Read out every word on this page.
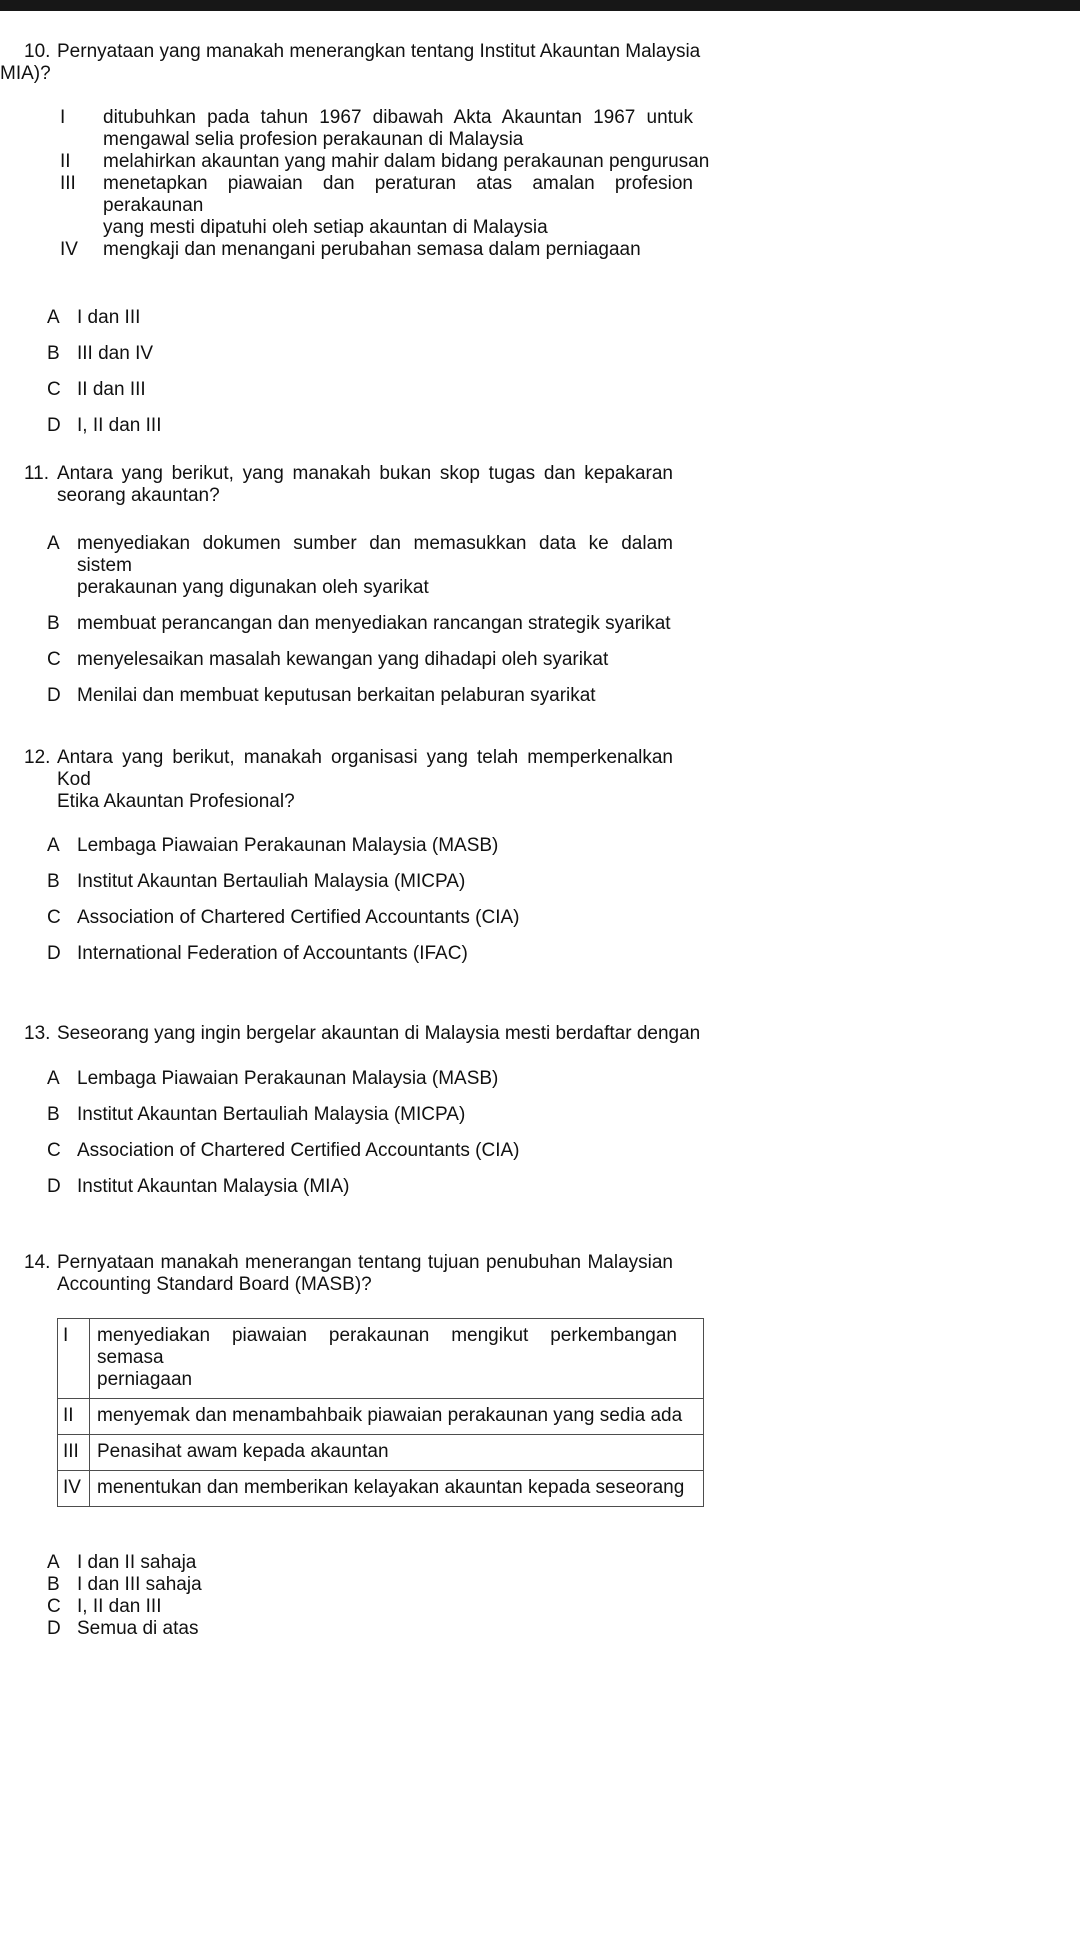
10. Pernyataan yang manakah menerangkan tentang Institut Akauntan Malaysia
MIA)?
I	ditubuhkan pada tahun 1967 dibawah Akta Akauntan 1967 untuk
mengawal selia profesion perakaunan di Malaysia
II	melahirkan akauntan yang mahir dalam bidang perakaunan pengurusan
III	menetapkan piawaian dan peraturan atas amalan profesion perakaunan
yang mesti dipatuhi oleh setiap akauntan di Malaysia
IV	mengkaji dan menangani perubahan semasa dalam perniagaan
A I dan III
B III dan IV
C II dan III
D I, II dan III
11. Antara yang berikut, yang manakah bukan skop tugas dan kepakaran
seorang akauntan?
A menyediakan dokumen sumber dan memasukkan data ke dalam sistem
perakaunan yang digunakan oleh syarikat
B membuat perancangan dan menyediakan rancangan strategik syarikat
C menyelesaikan masalah kewangan yang dihadapi oleh syarikat
D Menilai dan membuat keputusan berkaitan pelaburan syarikat
12. Antara yang berikut, manakah organisasi yang telah memperkenalkan Kod
Etika Akauntan Profesional?
A Lembaga Piawaian Perakaunan Malaysia (MASB)
B Institut Akauntan Bertauliah Malaysia (MICPA)
C Association of Chartered Certified Accountants (CIA)
D International Federation of Accountants (IFAC)
13. Seseorang yang ingin bergelar akauntan di Malaysia mesti berdaftar dengan
A Lembaga Piawaian Perakaunan Malaysia (MASB)
B Institut Akauntan Bertauliah Malaysia (MICPA)
C Association of Chartered Certified Accountants (CIA)
D Institut Akauntan Malaysia (MIA)
14. Pernyataan manakah menerangan tentang tujuan penubuhan Malaysian
Accounting Standard Board (MASB)?
I	menyediakan piawaian perakaunan mengikut perkembangan semasa
perniagaan

II	menyemak dan menambahbaik piawaian perakaunan yang sedia ada

III	Penasihat awam kepada akauntan

IV	menentukan dan memberikan kelayakan akauntan kepada seseorang
A I dan II sahaja
B I dan III sahaja
C I, II dan III
D Semua di atas
